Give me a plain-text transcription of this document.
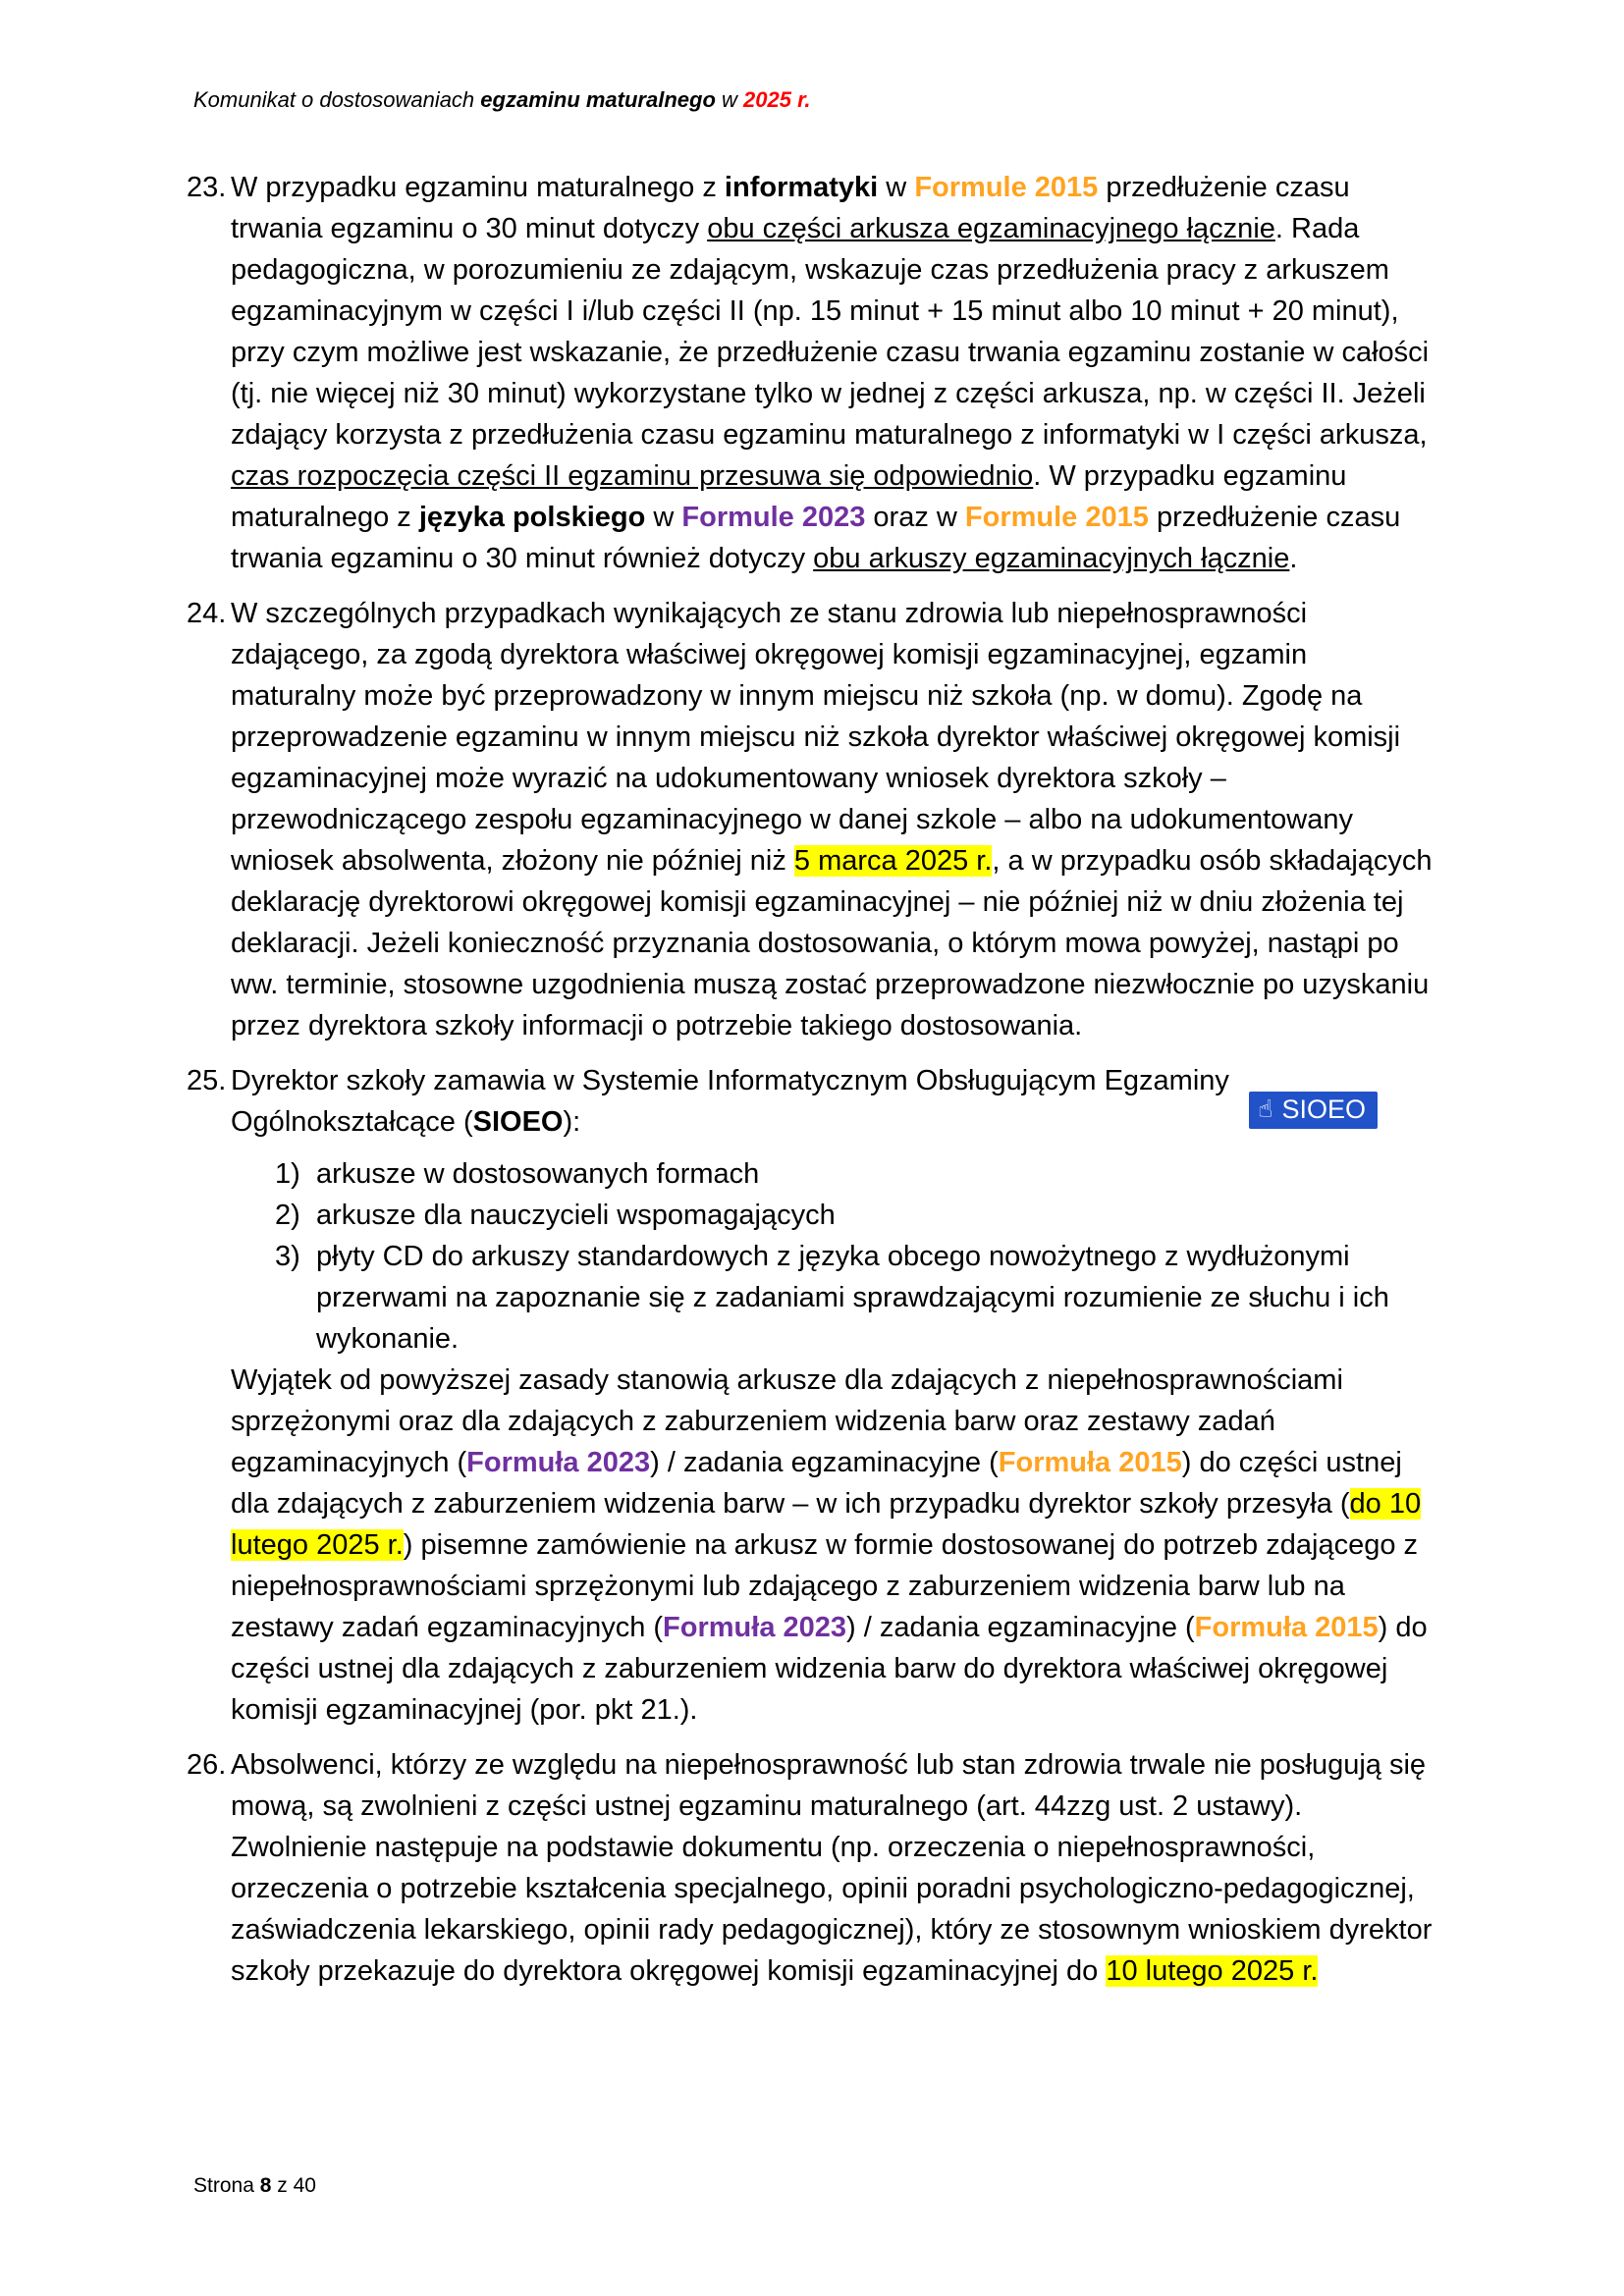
Komunikat o dostosowaniach egzaminu maturalnego w 2025 r.
23. W przypadku egzaminu maturalnego z informatyki w Formule 2015 przedłużenie czasu trwania egzaminu o 30 minut dotyczy obu części arkusza egzaminacyjnego łącznie. Rada pedagogiczna, w porozumieniu ze zdającym, wskazuje czas przedłużenia pracy z arkuszem egzaminacyjnym w części I i/lub części II (np. 15 minut + 15 minut albo 10 minut + 20 minut), przy czym możliwe jest wskazanie, że przedłużenie czasu trwania egzaminu zostanie w całości (tj. nie więcej niż 30 minut) wykorzystane tylko w jednej z części arkusza, np. w części II. Jeżeli zdający korzysta z przedłużenia czasu egzaminu maturalnego z informatyki w I części arkusza, czas rozpoczęcia części II egzaminu przesuwa się odpowiednio. W przypadku egzaminu maturalnego z języka polskiego w Formule 2023 oraz w Formule 2015 przedłużenie czasu trwania egzaminu o 30 minut również dotyczy obu arkuszy egzaminacyjnych łącznie.
24. W szczególnych przypadkach wynikających ze stanu zdrowia lub niepełnosprawności zdającego, za zgodą dyrektora właściwej okręgowej komisji egzaminacyjnej, egzamin maturalny może być przeprowadzony w innym miejscu niż szkoła (np. w domu). Zgodę na przeprowadzenie egzaminu w innym miejscu niż szkoła dyrektor właściwej okręgowej komisji egzaminacyjnej może wyrazić na udokumentowany wniosek dyrektora szkoły – przewodniczącego zespołu egzaminacyjnego w danej szkole – albo na udokumentowany wniosek absolwenta, złożony nie później niż 5 marca 2025 r., a w przypadku osób składających deklarację dyrektorowi okręgowej komisji egzaminacyjnej – nie później niż w dniu złożenia tej deklaracji. Jeżeli konieczność przyznania dostosowania, o którym mowa powyżej, nastąpi po ww. terminie, stosowne uzgodnienia muszą zostać przeprowadzone niezwłocznie po uzyskaniu przez dyrektora szkoły informacji o potrzebie takiego dostosowania.
25. Dyrektor szkoły zamawia w Systemie Informatycznym Obsługującym Egzaminy Ogólnokształcące (SIOEO):	☝ SIOEO
1) arkusze w dostosowanych formach
2) arkusze dla nauczycieli wspomagających
3) płyty CD do arkuszy standardowych z języka obcego nowożytnego z wydłużonymi przerwami na zapoznanie się z zadaniami sprawdzającymi rozumienie ze słuchu i ich wykonanie.
Wyjątek od powyższej zasady stanowią arkusze dla zdających z niepełnosprawnościami sprzężonymi oraz dla zdających z zaburzeniem widzenia barw oraz zestawy zadań egzaminacyjnych (Formuła 2023) / zadania egzaminacyjne (Formuła 2015) do części ustnej dla zdających z zaburzeniem widzenia barw – w ich przypadku dyrektor szkoły przesyła (do 10 lutego 2025 r.) pisemne zamówienie na arkusz w formie dostosowanej do potrzeb zdającego z niepełnosprawnościami sprzężonymi lub zdającego z zaburzeniem widzenia barw lub na zestawy zadań egzaminacyjnych (Formuła 2023) / zadania egzaminacyjne (Formuła 2015) do części ustnej dla zdających z zaburzeniem widzenia barw do dyrektora właściwej okręgowej komisji egzaminacyjnej (por. pkt 21.).
26. Absolwenci, którzy ze względu na niepełnosprawność lub stan zdrowia trwale nie posługują się mową, są zwolnieni z części ustnej egzaminu maturalnego (art. 44zzg ust. 2 ustawy). Zwolnienie następuje na podstawie dokumentu (np. orzeczenia o niepełnosprawności, orzeczenia o potrzebie kształcenia specjalnego, opinii poradni psychologiczno-pedagogicznej, zaświadczenia lekarskiego, opinii rady pedagogicznej), który ze stosownym wnioskiem dyrektor szkoły przekazuje do dyrektora okręgowej komisji egzaminacyjnej do 10 lutego 2025 r.
Strona 8 z 40
